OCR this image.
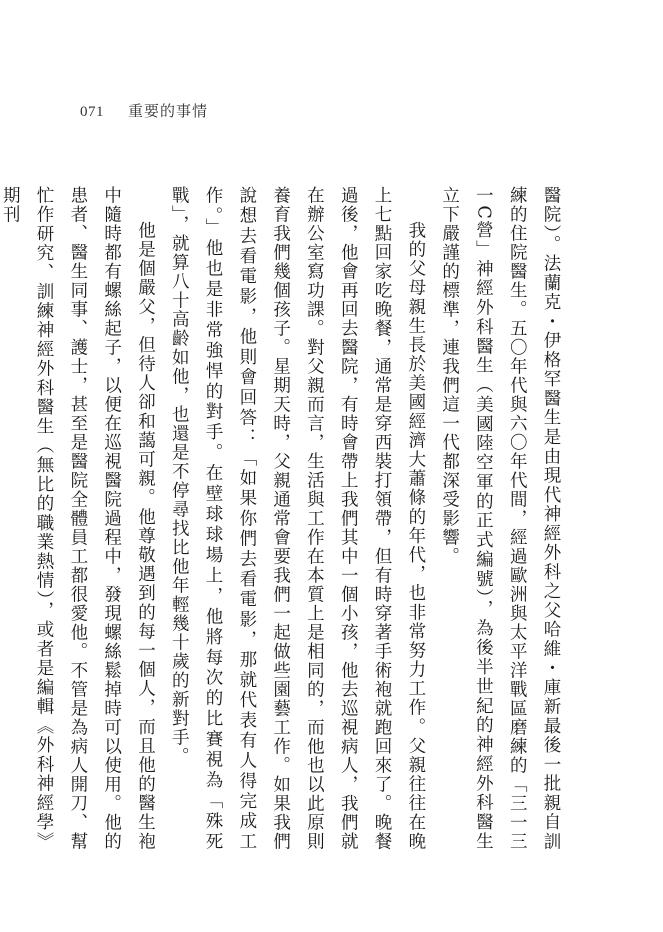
071 重要的事情

醫院）。法蘭克・伊格罕醫生是由現代神經外科之父哈維・庫新最後一批親自訓練的住院醫生。五〇年代與六〇年代間，經過歐洲與太平洋戰區磨練的「三一三一C營」神經外科醫生（美國陸空軍的正式編號），為後半世紀的神經外科醫生立下嚴謹的標準，連我們這一代都深受影響。

我的父母親生長於美國經濟大蕭條的年代，也非常努力工作。父親往往在晚上七點回家吃晚餐，通常是穿西裝打領帶，但有時穿著手術袍就跑回來了。晚餐過後，他會再回去醫院，有時會帶上我們其中一個小孩，他去巡視病人，我們就在辦公室寫功課。對父親而言，生活與工作在本質上是相同的，而他也以此原則養育我們幾個孩子。星期天時，父親通常會要我們一起做些園藝工作。如果我們說想去看電影，他則會回答：「如果你們去看電影，那就代表有人得完成工作。」他也是非常強悍的對手。在壁球球場上，他將每次的比賽視為「殊死戰」，就算八十高齡如他，也還是不停尋找比他年輕幾十歲的新對手。

他是個嚴父，但待人卻和藹可親。他尊敬遇到的每一個人，而且他的醫生袍中隨時都有螺絲起子，以便在巡視醫院過程中，發現螺絲鬆掉時可以使用。他的患者、醫生同事、護士，甚至是醫院全體員工都很愛他。不管是為病人開刀、幫忙作研究、訓練神經外科醫生（無比的職業熱情），或者是編輯《外科神經學》期刊
